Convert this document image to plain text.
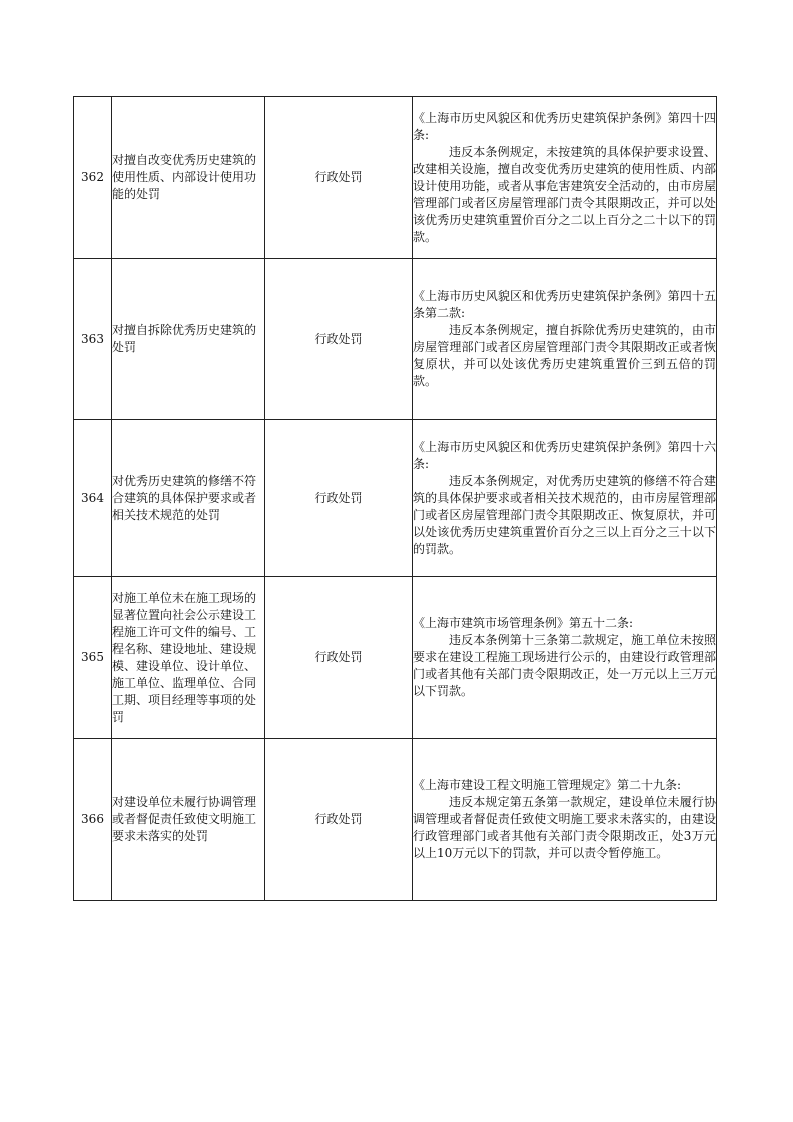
362	对擅自改变优秀历史建筑的使用性质、内部设计使用功能的处罚	行政处罚	《上海市历史风貌区和优秀历史建筑保护条例》第四十四条:

违反本条例规定，未按建筑的具体保护要求设置、改建相关设施，擅自改变优秀历史建筑的使用性质、内部设计使用功能，或者从事危害建筑安全活动的，由市房屋管理部门或者区房屋管理部门责令其限期改正，并可以处该优秀历史建筑重置价百分之二以上百分之二十以下的罚款。

363	对擅自拆除优秀历史建筑的处罚	行政处罚	《上海市历史风貌区和优秀历史建筑保护条例》第四十五条第二款:

违反本条例规定，擅自拆除优秀历史建筑的，由市房屋管理部门或者区房屋管理部门责令其限期改正或者恢复原状，并可以处该优秀历史建筑重置价三到五倍的罚款。

364	对优秀历史建筑的修缮不符合建筑的具体保护要求或者相关技术规范的处罚	行政处罚	《上海市历史风貌区和优秀历史建筑保护条例》第四十六条:

违反本条例规定，对优秀历史建筑的修缮不符合建筑的具体保护要求或者相关技术规范的，由市房屋管理部门或者区房屋管理部门责令其限期改正、恢复原状，并可以处该优秀历史建筑重置价百分之三以上百分之三十以下的罚款。

365	对施工单位未在施工现场的显著位置向社会公示建设工程施工许可文件的编号、工程名称、建设地址、建设规模、建设单位、设计单位、施工单位、监理单位、合同工期、项目经理等事项的处罚	行政处罚	《上海市建筑市场管理条例》第五十二条:

违反本条例第十三条第二款规定，施工单位未按照要求在建设工程施工现场进行公示的，由建设行政管理部门或者其他有关部门责令限期改正，处一万元以上三万元以下罚款。

366	对建设单位未履行协调管理或者督促责任致使文明施工要求未落实的处罚	行政处罚	《上海市建设工程文明施工管理规定》第二十九条:

违反本规定第五条第一款规定，建设单位未履行协调管理或者督促责任致使文明施工要求未落实的，由建设行政管理部门或者其他有关部门责令限期改正，处3万元以上10万元以下的罚款，并可以责令暂停施工。
